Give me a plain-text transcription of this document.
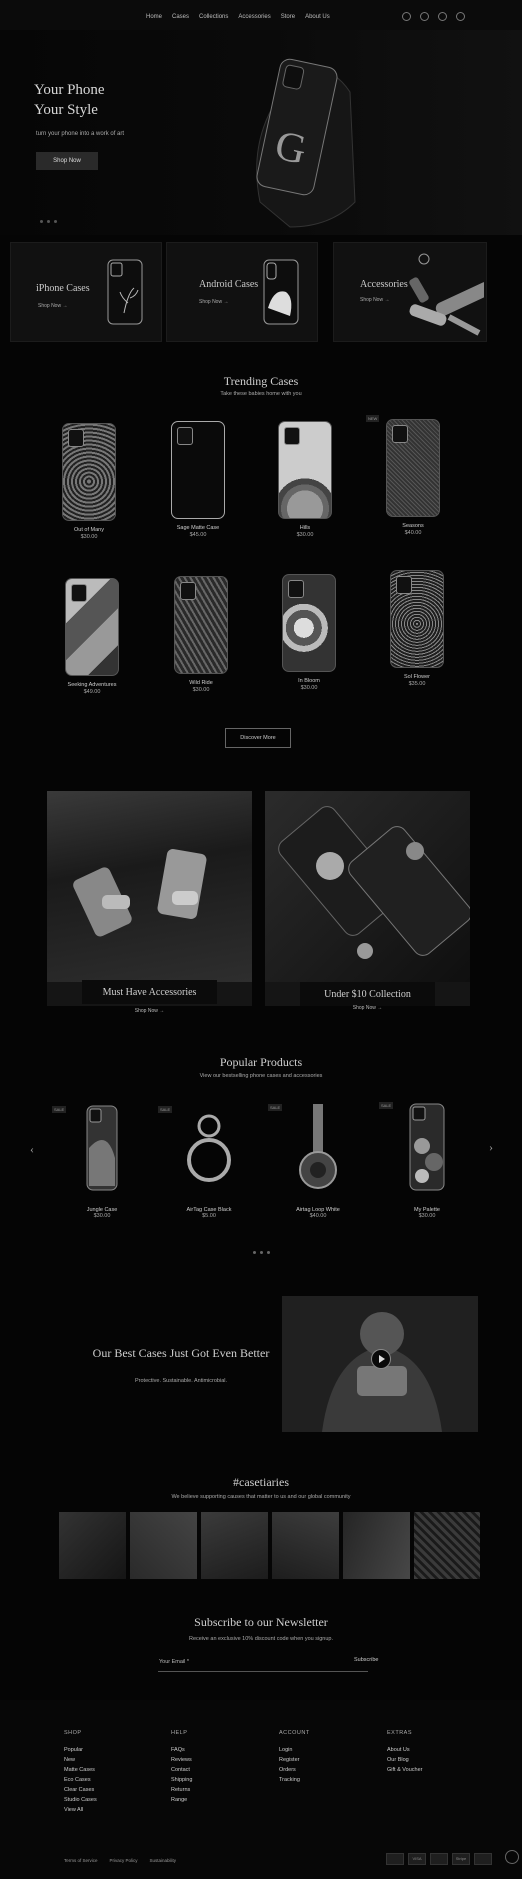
Home Cases Collections Accessories Store About Us
G
Your Phone
Your Style
turn your phone into a work of art
Shop Now
iPhone Cases
Shop Now →
Android Cases
Shop Now →
Accessories
Shop Now →
Trending Cases
Take these babies home with you
Out of Many
$30.00
Sage Matte Case
$45.00
Hills
$30.00
NEW
Seasons
$40.00
Seeking Adventures
$49.00
Wild Ride
$30.00
In Bloom
$30.00
Sol Flower
$35.00
Discover More
Must Have Accessories
Shop Now →
Under $10 Collection
Shop Now →
Popular Products
View our bestselling phone cases and accessories
‹	›
SALE
Jungle Case
$30.00
SALE
AirTag Case Black
$5.00
SALE
Airtag Loop White
$40.00
SALE
My Palette
$30.00
Our Best Cases Just Got Even Better
Protective. Sustainable. Antimicrobial.
#casetiaries
We believe supporting causes that matter to us and our global community
Subscribe to our Newsletter
Receive an exclusive 10% discount code when you signup.
Your Email *	Subscribe
SHOP
Popular
New
Matte Cases
Eco Cases
Clear Cases
Studio Cases
View All
HELP
FAQs
Reviews
Contact
Shipping
Returns
Range
ACCOUNT
Login
Register
Orders
Tracking
EXTRAS
About Us
Our Blog
Gift & Voucher
Terms of Service	Privacy Policy	Sustainability	VISA	Stripe
